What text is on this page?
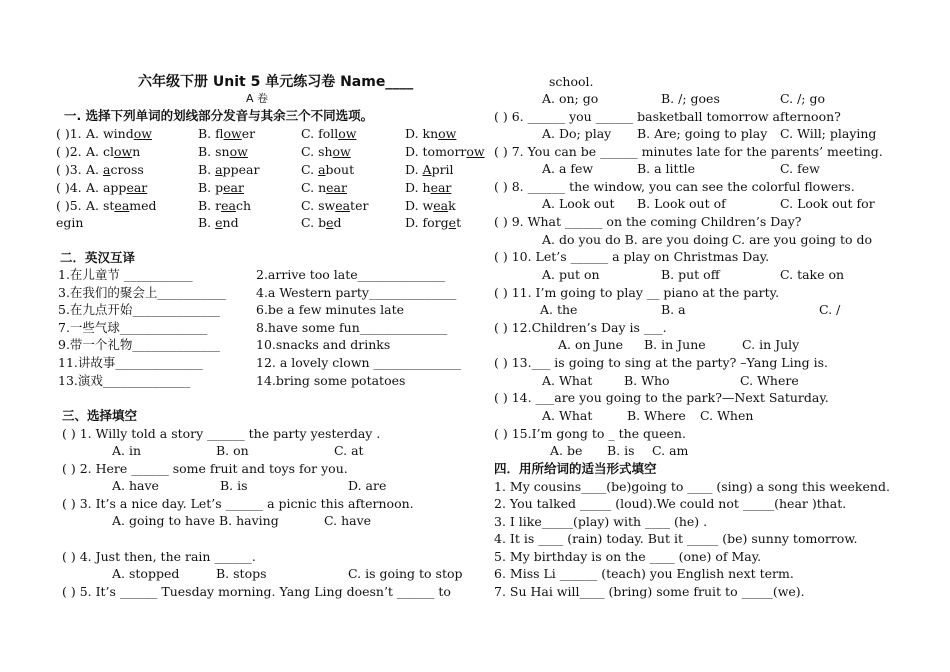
六年级下册 Unit 5 单元练习卷 Name____
A 卷
一. 选择下列单词的划线部分发音与其余三个不同选项。
( )1. A. window	B. flower	C. follow	D. know
( )2. A. clown	B. snow	C. show	D. tomorrow
( )3. A. across	B. appear	C. about	D. April
( )4. A. appear	B. pear	C. near	D. hear
( )5. A. steamed	B. reach	C. sweater	D. weak
egin	B. end	C. bed	D. forget
二．英汉互译
1.在儿童节 ___________	2.arrive too late______________
3.在我们的聚会上___________ 4.a Western party______________
5.在九点开始______________	6.be a few minutes late
7.一些气球______________	8.have some fun______________
9.带一个礼物______________	10.snacks and drinks
11.讲故事______________	12. a lovely clown ______________
13.演戏______________	14.bring some potatoes
三、选择填空
( ) 1. Willy told a story ______ the party yesterday .
A. in	B. on	C. at
( ) 2. Here ______ some fruit and toys for you.
A. have	B. is	D. are
( ) 3. It’s a nice day. Let’s ______ a picnic this afternoon.
A. going to have B. having	C. have
( ) 4. Just then, the rain ______.
A. stopped	B. stops	C. is going to stop
( ) 5. It’s ______ Tuesday morning. Yang Ling doesn’t ______ to
school.
A. on; go	B. /; goes	C. /; go
( ) 6. ______ you ______ basketball tomorrow afternoon?
A. Do; play B. Are; going to play C. Will; playing
( ) 7. You can be ______ minutes late for the parents’ meeting.
A. a few	B. a little	C. few
( ) 8. ______ the window, you can see the colorful flowers.
A. Look out B. Look out of	C. Look out for
( ) 9. What ______ on the coming Children’s Day?
A. do you do B. are you doing C. are you going to do
( ) 10. Let’s ______ a play on Christmas Day.
A. put on	B. put off	C. take on
( ) 11. I’m going to play __ piano at the party.
A. the	B. a	C. /
( ) 12.Children’s Day is ___.
A. on June B. in June	C. in July
( ) 13.___ is going to sing at the party? –Yang Ling is.
A. What	B. Who	C. Where
( ) 14. ___are you going to the park?—Next Saturday.
A. What	B. Where C. When
( ) 15.I’m gong to _ the queen.
A. be B. is C. am
四．用所给词的适当形式填空
1. My cousins____(be)going to ____ (sing) a song this weekend.
2. You talked _____ (loud).We could not _____(hear )that.
3. I like_____(play) with ____ (he) .
4. It is ____ (rain) today. But it _____ (be) sunny tomorrow.
5. My birthday is on the ____ (one) of May.
6. Miss Li ______ (teach) you English next term.
7. Su Hai will____ (bring) some fruit to _____(we).
